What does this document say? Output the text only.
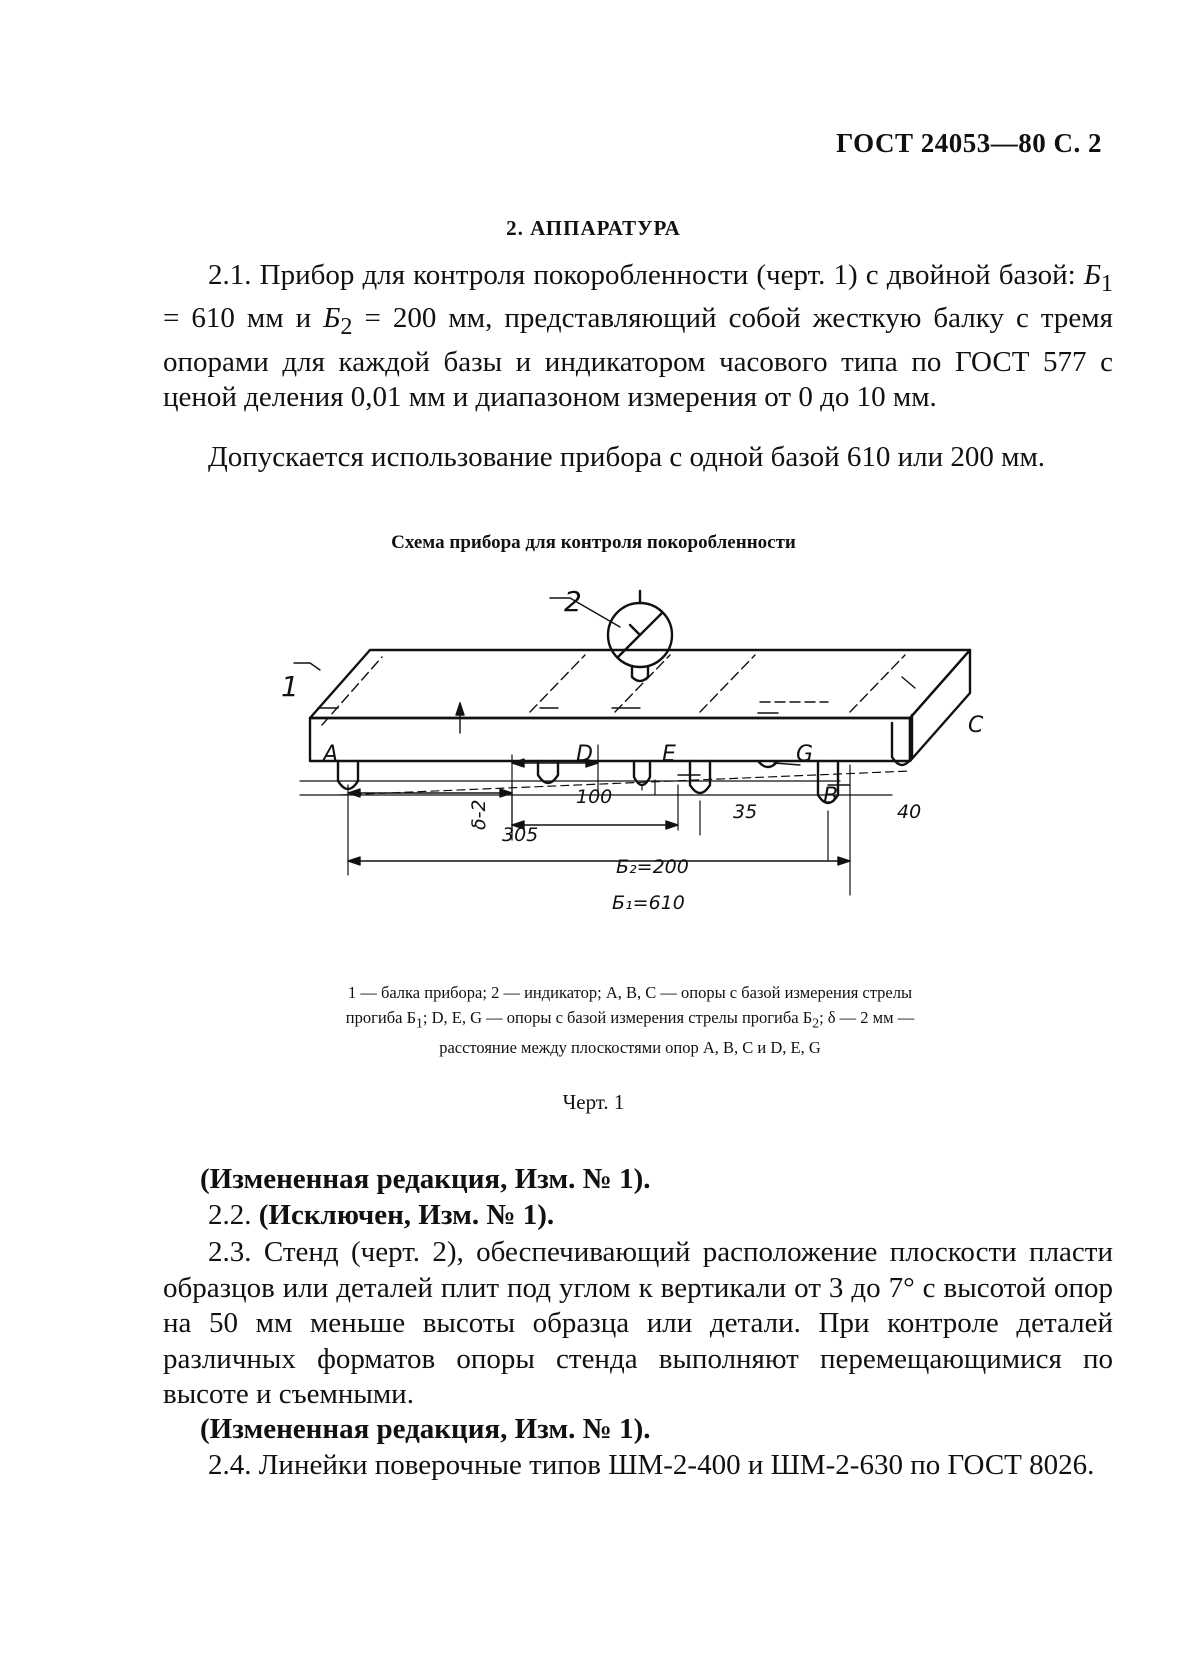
ГОСТ 24053—80 С. 2
2. АППАРАТУРА
2.1. Прибор для контроля покоробленности (черт. 1) с двойной базой: $Б_1 = 610$ мм и $Б_2 = 200$ мм, представляющий собой жесткую балку с тремя опорами для каждой базы и индикатором часового типа по ГОСТ 577 с ценой деления 0,01 мм и диапазоном измерения от 0 до 10 мм.
Допускается использование прибора с одной базой 610 или 200 мм.
Схема прибора для контроля покоробленности
1
2
A	D	E	G
B
C
100
305
35	40
δ-2
Б₂=200
Б₁=610
1 — балка прибора; 2 — индикатор; A, B, C — опоры с базой измерения стрелы прогиба $Б_1$; D, E, G — опоры с базой измерения стрелы прогиба $Б_2$; δ — 2 мм — расстояние между плоскостями опор A, B, C и D, E, G
Черт. 1
(Измененная редакция, Изм. № 1).
2.2. (Исключен, Изм. № 1).
2.3. Стенд (черт. 2), обеспечивающий расположение плоскости пласти образцов или деталей плит под углом к вертикали от 3 до 7° с высотой опор на 50 мм меньше высоты образца или детали. При контроле деталей различных форматов опоры стенда выполняют перемещающимися по высоте и съемными.
(Измененная редакция, Изм. № 1).
2.4. Линейки поверочные типов ШМ-2-400 и ШМ-2-630 по ГОСТ 8026.
